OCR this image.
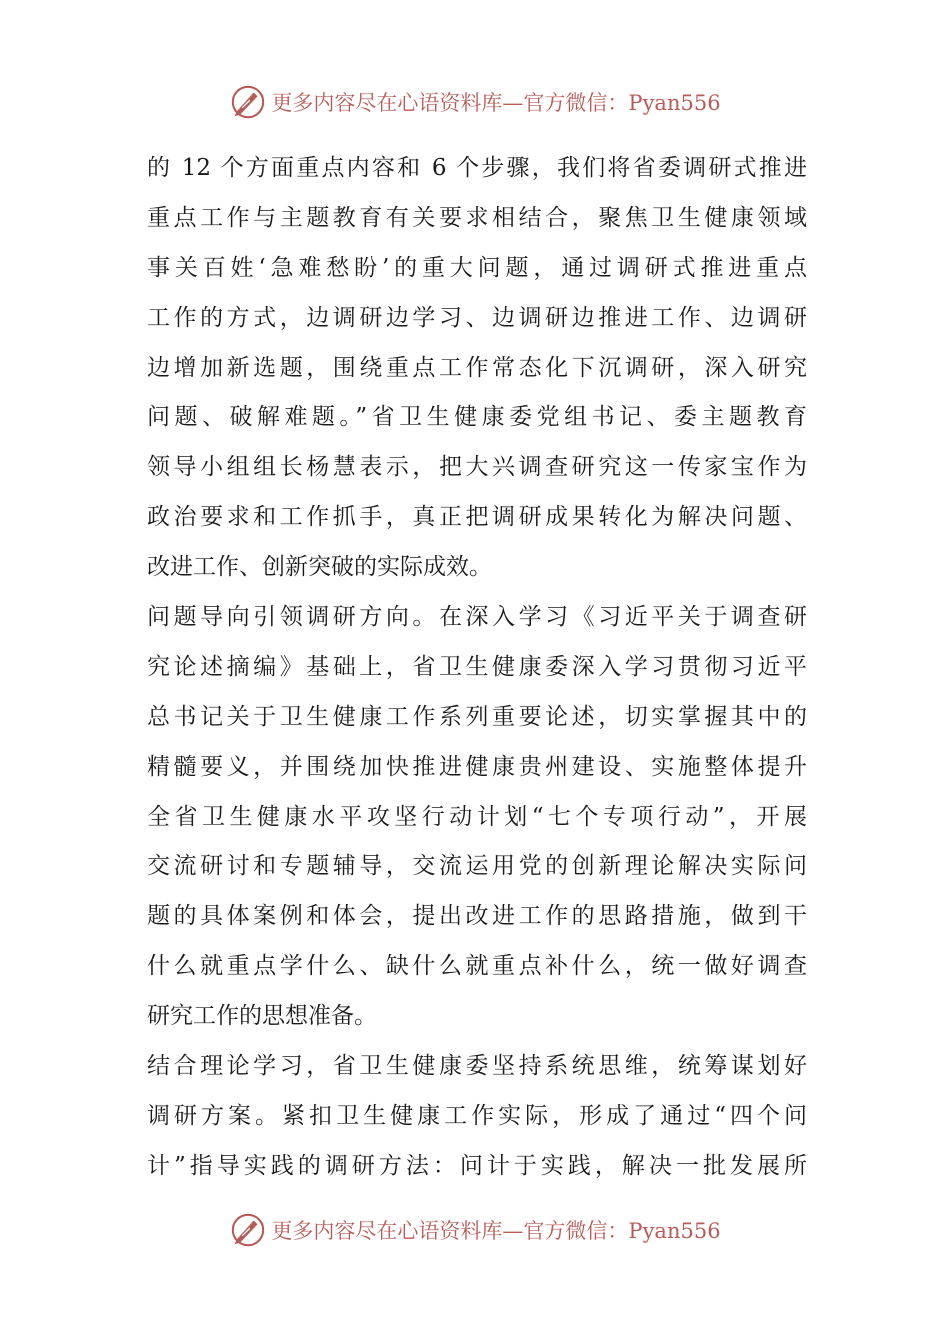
更多内容尽在心语资料库—官方微信：Pyan556
的 12 个方面重点内容和 6 个步骤，我们将省委调研式推进
重点工作与主题教育有关要求相结合，聚焦卫生健康领域
事关百姓‘急难愁盼’的重大问题，通过调研式推进重点
工作的方式，边调研边学习、边调研边推进工作、边调研
边增加新选题，围绕重点工作常态化下沉调研，深入研究
问题、破解难题。”省卫生健康委党组书记、委主题教育
领导小组组长杨慧表示，把大兴调查研究这一传家宝作为
政治要求和工作抓手，真正把调研成果转化为解决问题、
改进工作、创新突破的实际成效。
问题导向引领调研方向。在深入学习《习近平关于调查研
究论述摘编》基础上，省卫生健康委深入学习贯彻习近平
总书记关于卫生健康工作系列重要论述，切实掌握其中的
精髓要义，并围绕加快推进健康贵州建设、实施整体提升
全省卫生健康水平攻坚行动计划“七个专项行动”，开展
交流研讨和专题辅导，交流运用党的创新理论解决实际问
题的具体案例和体会，提出改进工作的思路措施，做到干
什么就重点学什么、缺什么就重点补什么，统一做好调查
研究工作的思想准备。
结合理论学习，省卫生健康委坚持系统思维，统筹谋划好
调研方案。紧扣卫生健康工作实际，形成了通过“四个问
计”指导实践的调研方法：问计于实践，解决一批发展所
更多内容尽在心语资料库—官方微信：Pyan556
